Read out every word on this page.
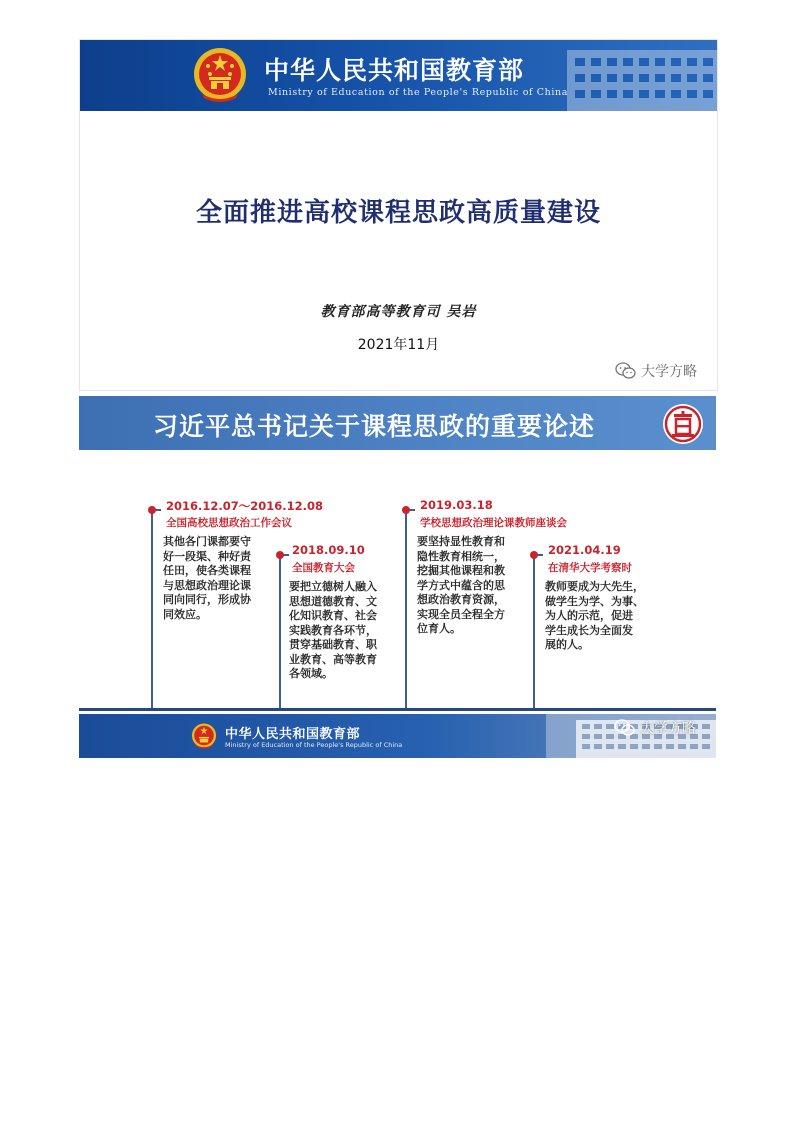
中华人民共和国教育部
Ministry of Education of the People's Republic of China
全面推进高校课程思政高质量建设
教育部高等教育司 吴岩
2021年11月
大学方略
习近平总书记关于课程思政的重要论述
2016.12.07～2016.12.08
全国高校思想政治工作会议
其他各门课都要守
好一段渠、种好责
任田，使各类课程
与思想政治理论课
同向同行，形成协
同效应。
2018.09.10
全国教育大会
要把立德树人融入
思想道德教育、文
化知识教育、社会
实践教育各环节，
贯穿基础教育、职
业教育、高等教育
各领域。
2019.03.18
学校思想政治理论课教师座谈会
要坚持显性教育和
隐性教育相统一，
挖掘其他课程和教
学方式中蕴含的思
想政治教育资源，
实现全员全程全方
位育人。
2021.04.19
在清华大学考察时
教师要成为大先生，
做学生为学、为事、
为人的示范，促进
学生成长为全面发
展的人。
中华人民共和国教育部
Ministry of Education of the People's Republic of China
大学方略
